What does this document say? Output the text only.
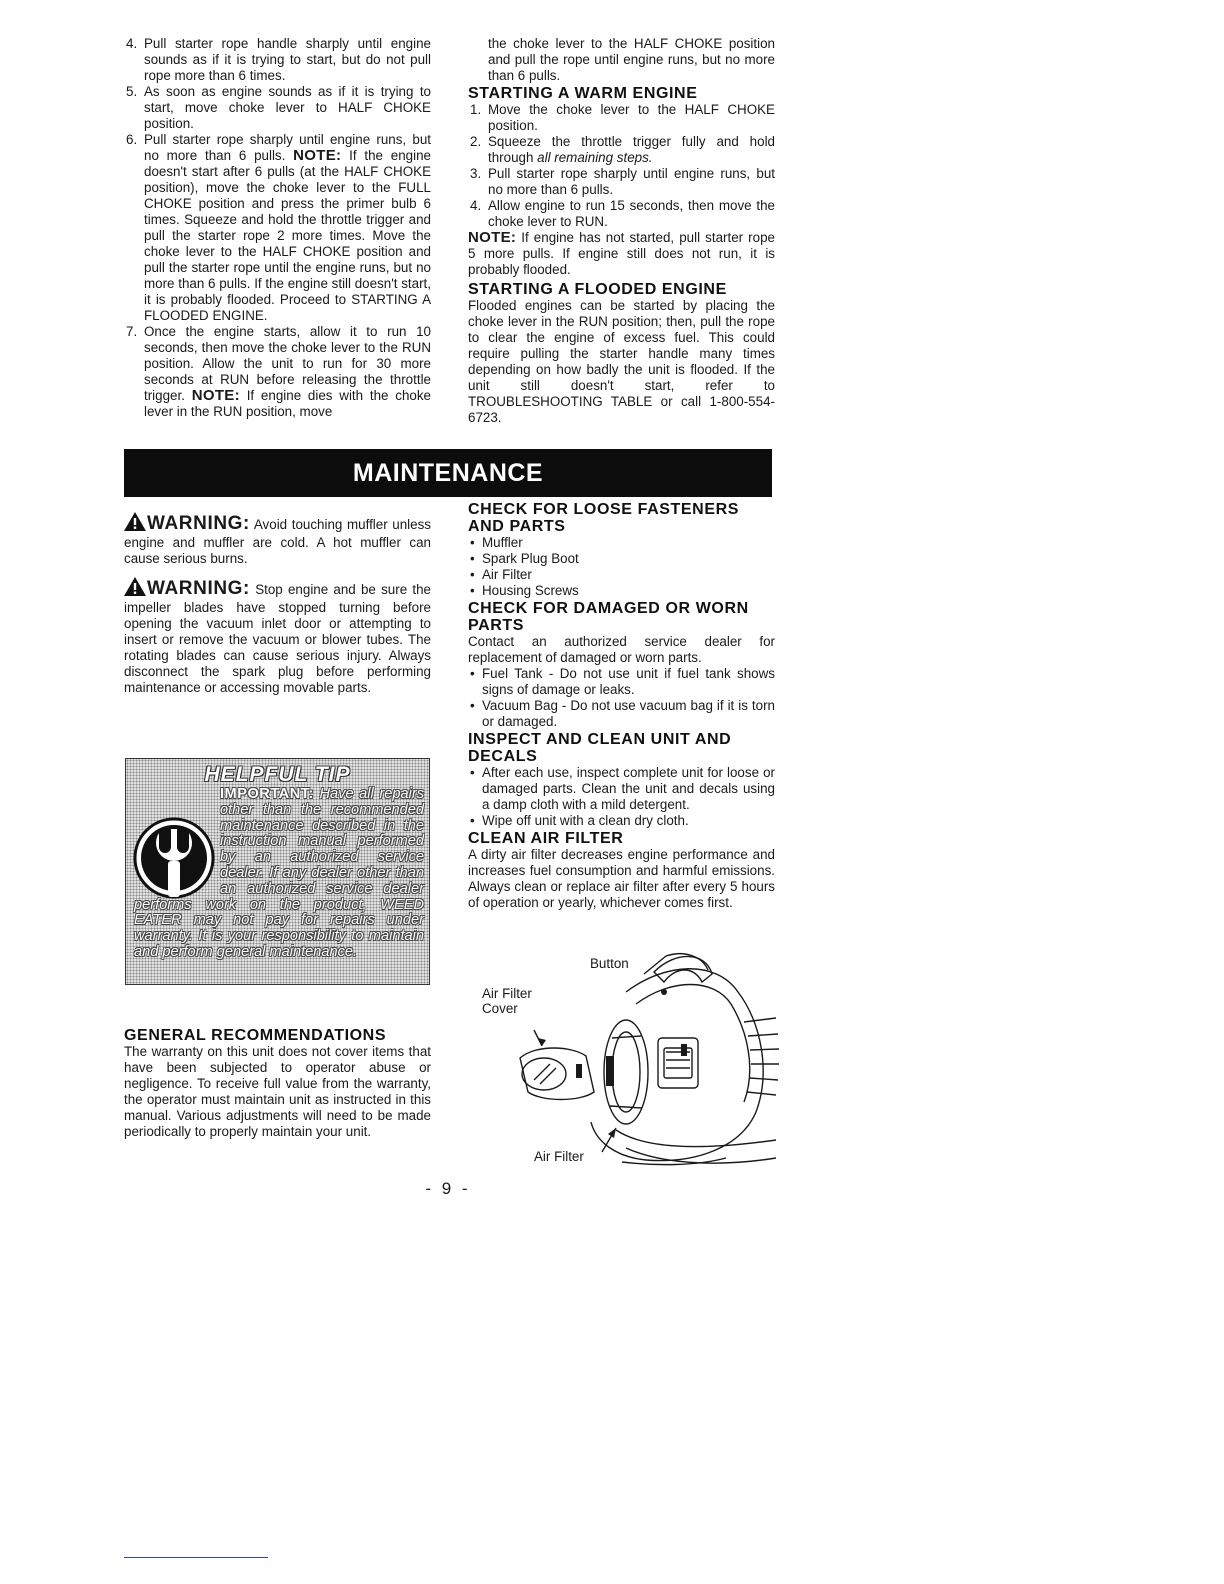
4. Pull starter rope handle sharply until engine sounds as if it is trying to start, but do not pull rope more than 6 times.
5. As soon as engine sounds as if it is trying to start, move choke lever to HALF CHOKE position.
6. Pull starter rope sharply until engine runs, but no more than 6 pulls. NOTE: If the engine doesn't start after 6 pulls (at the HALF CHOKE position), move the choke lever to the FULL CHOKE position and press the primer bulb 6 times. Squeeze and hold the throttle trigger and pull the starter rope 2 more times. Move the choke lever to the HALF CHOKE position and pull the starter rope until the engine runs, but no more than 6 pulls. If the engine still doesn't start, it is probably flooded. Proceed to STARTING A FLOODED ENGINE.
7. Once the engine starts, allow it to run 10 seconds, then move the choke lever to the RUN position. Allow the unit to run for 30 more seconds at RUN before releasing the throttle trigger. NOTE: If engine dies with the choke lever in the RUN position, move

the choke lever to the HALF CHOKE position and pull the rope until engine runs, but no more than 6 pulls.

STARTING A WARM ENGINE
1. Move the choke lever to the HALF CHOKE position.
2. Squeeze the throttle trigger fully and hold through all remaining steps.
3. Pull starter rope sharply until engine runs, but no more than 6 pulls.
4. Allow engine to run 15 seconds, then move the choke lever to RUN.

NOTE: If engine has not started, pull starter rope 5 more pulls. If engine still does not run, it is probably flooded.

STARTING A FLOODED ENGINE

Flooded engines can be started by placing the choke lever in the RUN position; then, pull the rope to clear the engine of excess fuel. This could require pulling the starter handle many times depending on how badly the unit is flooded. If the unit still doesn't start, refer to TROUBLESHOOTING TABLE or call 1-800-554-6723.

MAINTENANCE

WARNING: Avoid touching muffler unless engine and muffler are cold. A hot muffler can cause serious burns.

WARNING: Stop engine and be sure the impeller blades have stopped turning before opening the vacuum inlet door or attempting to insert or remove the vacuum or blower tubes. The rotating blades can cause serious injury. Always disconnect the spark plug before performing maintenance or accessing movable parts.

HELPFUL TIP
IMPORTANT: Have all repairs other than the recommended maintenance described in the instruction manual performed by an authorized service dealer. If any dealer other than an authorized service dealer performs work on the product, WEED EATER may not pay for repairs under warranty. It is your responsibility to maintain and perform general maintenance.
GENERAL RECOMMENDATIONS

The warranty on this unit does not cover items that have been subjected to operator abuse or negligence. To receive full value from the warranty, the operator must maintain unit as instructed in this manual. Various adjustments will need to be made periodically to properly maintain your unit.

CHECK FOR LOOSE FASTENERS AND PARTS
• Muffler
• Spark Plug Boot
• Air Filter
• Housing Screws
CHECK FOR DAMAGED OR WORN PARTS

Contact an authorized service dealer for replacement of damaged or worn parts.

• Fuel Tank - Do not use unit if fuel tank shows signs of damage or leaks.
• Vacuum Bag - Do not use vacuum bag if it is torn or damaged.
INSPECT AND CLEAN UNIT AND DECALS
• After each use, inspect complete unit for loose or damaged parts. Clean the unit and decals using a damp cloth with a mild detergent.
• Wipe off unit with a clean dry cloth.
CLEAN AIR FILTER

A dirty air filter decreases engine performance and increases fuel consumption and harmful emissions. Always clean or replace air filter after every 5 hours of operation or yearly, whichever comes first.

Button
Air Filter
Cover
Air Filter
- 9 -
